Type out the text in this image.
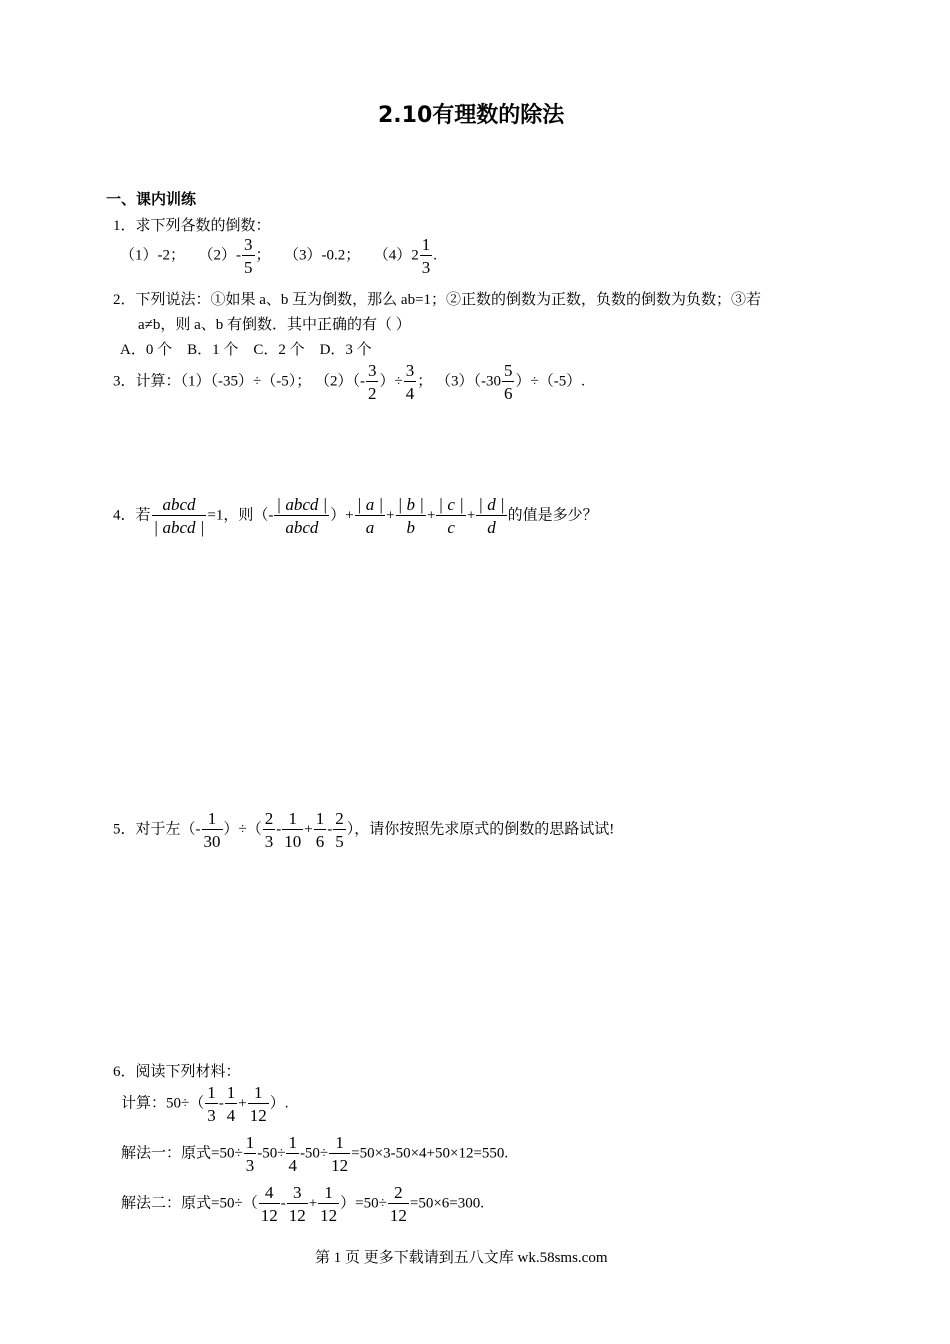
2.10有理数的除法
一、课内训练
1．求下列各数的倒数：
（1）-2； $(2)- \frac{3}{5}$ ； （3）-0.2； $(4)2 \frac{1}{3}$ .
2．下列说法：①如果 a、b 互为倒数，那么 ab=1；②正数的倒数为正数，负数的倒数为负数；③若
a≠b，则 a、b 有倒数．其中正确的有（ ）
A．0 个    B．1 个    C．2 个    D．3 个
3．计算：（1）（-35）÷（-5）； $(2)(- \frac{3}{2}$ ）÷ $\frac{3}{4}$ ； $(3)(-30 \frac{5}{6} )\div(-5)$.
4．若 $\frac{\text{abcd}}{\text{| abcd |}} =1$，则（- $\frac{\text{| abcd |}}{\text{abcd}}$ ）+ $\frac{| a |}{a} + \frac{| b |}{b} + \frac{| c |}{c} + \frac{| d |}{d}$ 的值是多少？
5．对于左（- $\frac{1}{30}$ ）÷（ $\frac{2}{3} - \frac{1}{10} + \frac{1}{6} - \frac{2}{5}$ ），请你按照先求原式的倒数的思路试试!
6．阅读下列材料：
计算：$50\div( \frac{1}{3} - \frac{1}{4} + \frac{1}{12}$ ）.
解法一：原式$=50\div \frac{1}{3} -50\div \frac{1}{4} -50\div \frac{1}{12} =50\times 3-50\times 4+50\times 12=550$.
解法二：原式$=50\div( \frac{4}{12} - \frac{3}{12} + \frac{1}{12} )=50\div \frac{2}{12} =50\times 6=300$.
第 1 页 更多下载请到五八文库 wk.58sms.com
